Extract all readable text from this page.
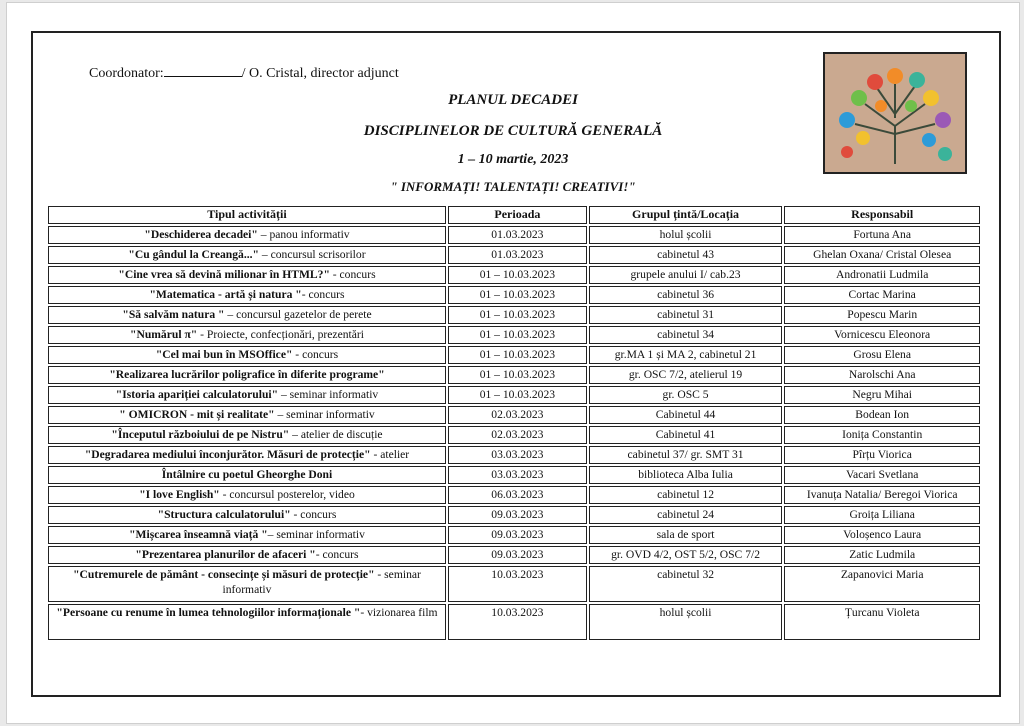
Coordonator:	/ O. Cristal, director adjunct
PLANUL DECADEI
DISCIPLINELOR DE CULTURĂ GENERALĂ
1 – 10 martie, 2023
" INFORMAȚI! TALENTAȚI! CREATIVI!"
Tipul activității	Perioada	Grupul țintă/Locația	Responsabil
"Deschiderea decadei" – panou informativ	01.03.2023	holul școlii	Fortuna Ana
"Cu gândul la Creangă..." – concursul scrisorilor	01.03.2023	cabinetul 43	Ghelan Oxana/ Cristal Olesea
"Cine vrea să devină milionar în HTML?" - concurs	01 – 10.03.2023	grupele anului I/ cab.23	Andronatii Ludmila
"Matematica - artă și natura "- concurs	01 – 10.03.2023	cabinetul 36	Cortac Marina
"Să salvăm natura " – concursul gazetelor de perete	01 – 10.03.2023	cabinetul 31	Popescu Marin
"Numărul π" - Proiecte, confecționări, prezentări	01 – 10.03.2023	cabinetul 34	Vornicescu Eleonora
"Cel mai bun în MSOffice" - concurs	01 – 10.03.2023	gr.MA 1 și MA 2, cabinetul 21	Grosu Elena
"Realizarea lucrărilor poligrafice în diferite programe"	01 – 10.03.2023	gr. OSC 7/2, atelierul 19	Narolschi Ana
"Istoria apariției calculatorului" – seminar informativ	01 – 10.03.2023	gr. OSC 5	Negru Mihai
" OMICRON - mit și realitate" – seminar informativ	02.03.2023	Cabinetul 44	Bodean Ion
"Începutul războiului de pe Nistru" – atelier de discuție	02.03.2023	Cabinetul 41	Ionița Constantin
"Degradarea mediului înconjurător. Măsuri de protecție" - atelier	03.03.2023	cabinetul 37/ gr. SMT 31	Pîrțu Viorica
Întâlnire cu poetul Gheorghe Doni	03.03.2023	biblioteca Alba Iulia	Vacari Svetlana
"I love English" - concursul posterelor, video	06.03.2023	cabinetul 12	Ivanuța Natalia/ Beregoi Viorica
"Structura calculatorului" - concurs	09.03.2023	cabinetul 24	Groița Liliana
"Mișcarea înseamnă viață "– seminar informativ	09.03.2023	sala de sport	Voloșenco Laura
"Prezentarea planurilor de afaceri "- concurs	09.03.2023	gr. OVD 4/2, OST 5/2, OSC 7/2	Zatic Ludmila
"Cutremurele de pământ - consecințe și măsuri de protecție" - seminar informativ	10.03.2023	cabinetul 32	Zapanovici Maria
"Persoane cu renume în lumea tehnologiilor informaționale "- vizionarea film	10.03.2023	holul școlii	Țurcanu Violeta
